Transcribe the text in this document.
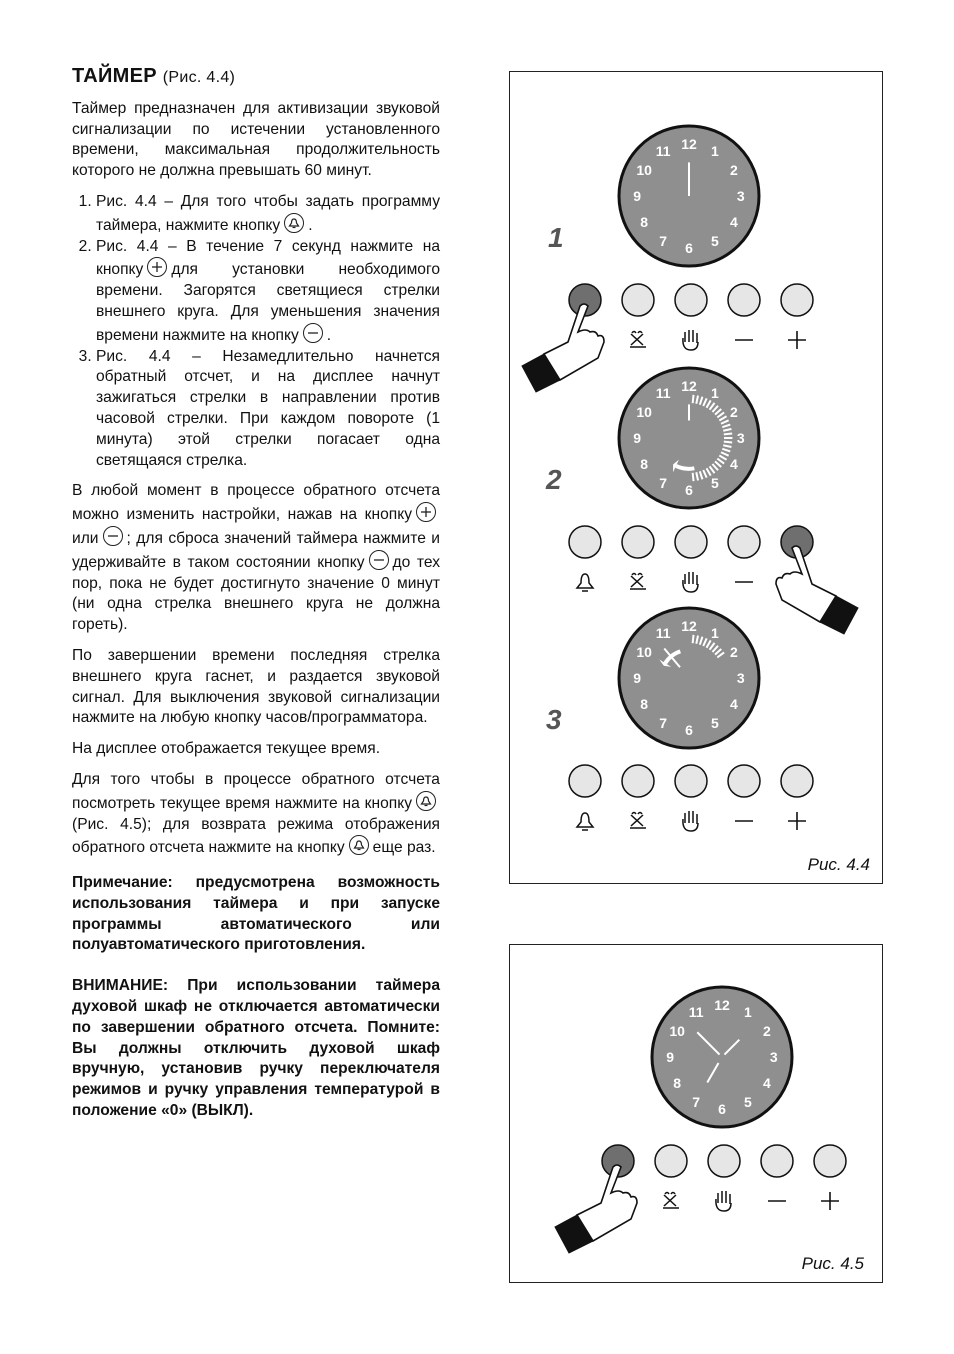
ТАЙМЕР (Рис. 4.4)

Таймер предназначен для активизации звуковой сигнализации по истечении установленного времени, максимальная продолжительность которого не должна превышать 60 минут.

1. Рис. 4.4 – Для того чтобы задать программу таймера, нажмите кнопку .
2. Рис. 4.4 – В течение 7 секунд нажмите на кнопку для установки необходимого времени. Загорятся светящиеся стрелки внешнего круга. Для уменьшения значения времени нажмите на кнопку .
3. Рис. 4.4 – Незамедлительно начнется обратный отсчет, и на дисплее начнут зажигаться стрелки в направлении против часовой стрелки. При каждом повороте (1 минута) этой стрелки погасает одна светящаяся стрелка.

В любой момент в процессе обратного отсчета можно изменить настройки, нажав на кнопку
или ; для сброса значений таймера нажмите и удерживайте в таком состоянии кнопку до тех пор, пока не будет достигнуто значение 0 минут (ни одна стрелка внешнего круга не должна гореть).

По завершении времени последняя стрелка внешнего круга гаснет, и раздается звуковой сигнал. Для выключения звуковой сигнализации нажмите на любую кнопку часов/программатора.

На дисплее отображается текущее время.

Для того чтобы в процессе обратного отсчета посмотреть текущее время нажмите на кнопку
(Рис. 4.5); для возврата режима отображения обратного отсчета нажмите на кнопку еще раз.

Примечание: предусмотрена возможность использования таймера и при запуске программы автоматического или полуавтоматического приготовления.

ВНИМАНИЕ: При использовании таймера духовой шкаф не отключается автоматически по завершении обратного отсчета. Помните: Вы должны отключить духовой шкаф вручную, установив ручку переключателя режимов и ручку управления температурой в положение «0» (ВЫКЛ).

1
2
3
12 1
2
3
4
5
6
7
8
9
10
11
12 1
2
3
4
5
6
7
8
9
10
11
12 1
2
3
4
5
6
7
8
9
10
11
Рис. 4.4
12 1
2
3
4
5
6
7
8
9
10
11
Рис. 4.5
